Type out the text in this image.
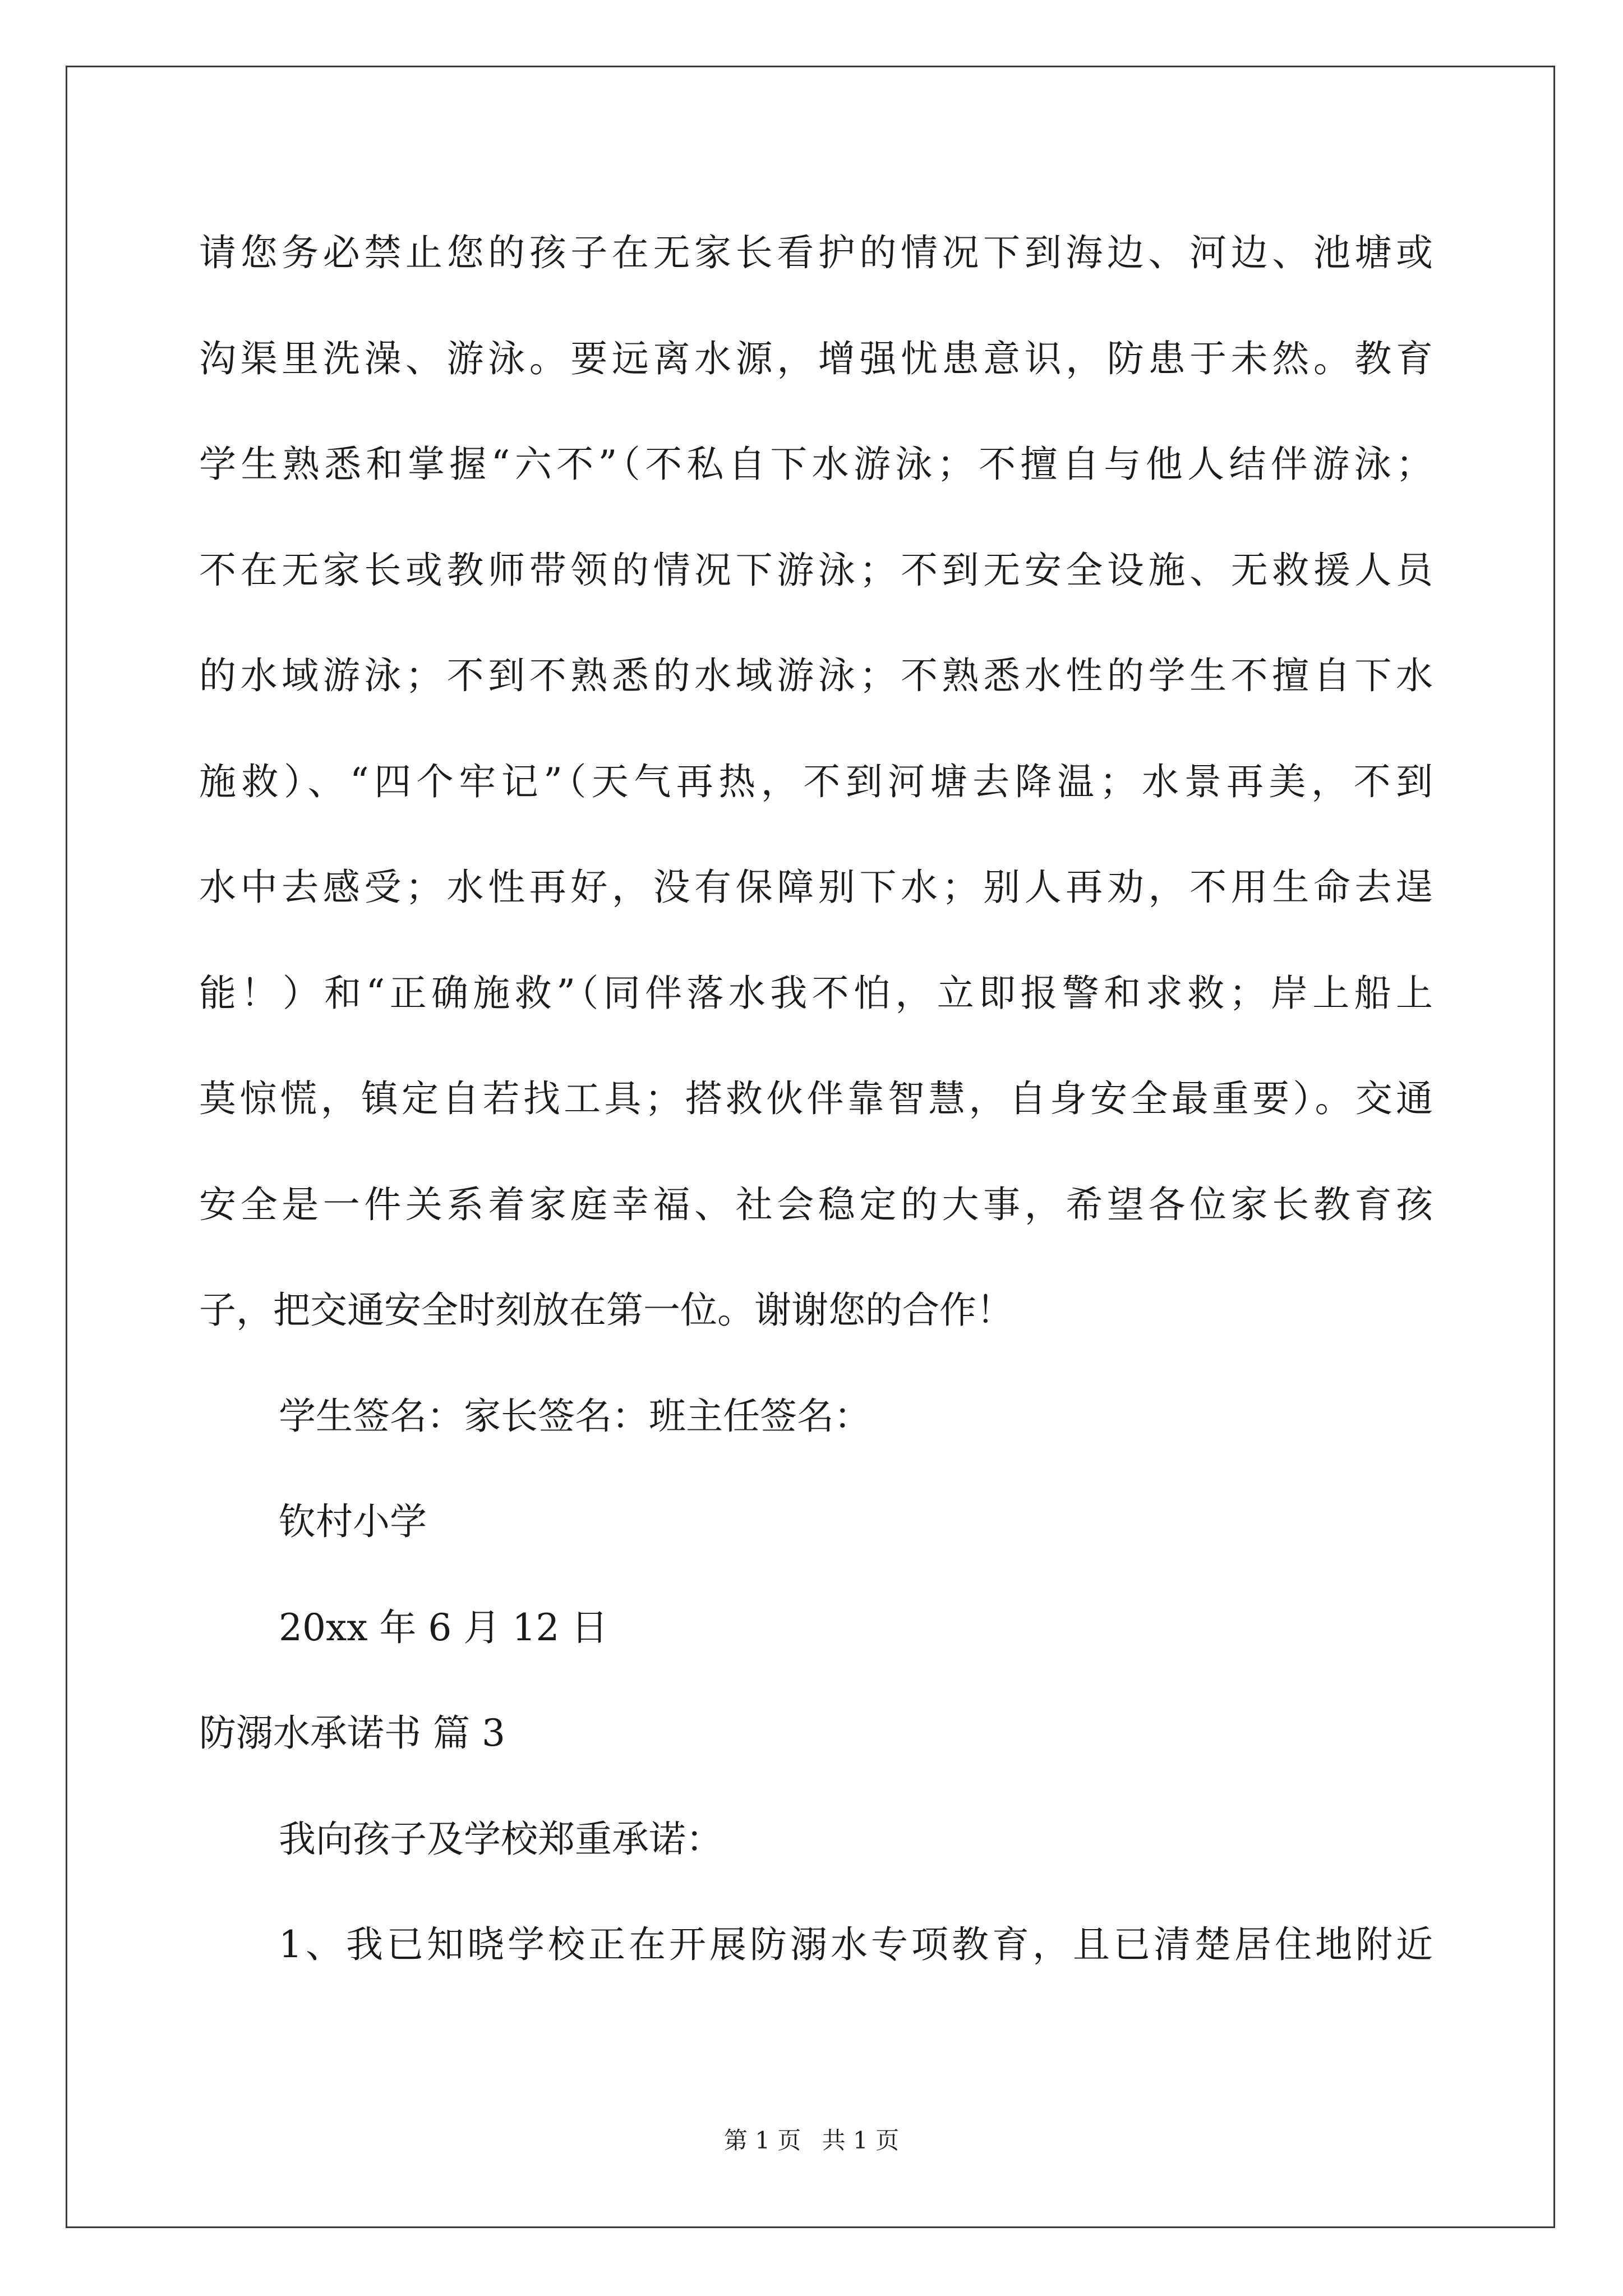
请您务必禁止您的孩子在无家长看护的情况下到海边、河边、池塘或
沟渠里洗澡、游泳。要远离水源，增强忧患意识，防患于未然。教育
学生熟悉和掌握“六不”（不私自下水游泳；不擅自与他人结伴游泳；
不在无家长或教师带领的情况下游泳；不到无安全设施、无救援人员
的水域游泳；不到不熟悉的水域游泳；不熟悉水性的学生不擅自下水
施救）、“四个牢记”（天气再热，不到河塘去降温；水景再美，不到
水中去感受；水性再好，没有保障别下水；别人再劝，不用生命去逞
能！）和“正确施救”（同伴落水我不怕，立即报警和求救；岸上船上
莫惊慌，镇定自若找工具；搭救伙伴靠智慧，自身安全最重要）。交通
安全是一件关系着家庭幸福、社会稳定的大事，希望各位家长教育孩
子，把交通安全时刻放在第一位。谢谢您的合作！
学生签名：家长签名：班主任签名：
钦村小学
20xx 年 6 月 12 日
防溺水承诺书 篇 3
我向孩子及学校郑重承诺：
1、我已知晓学校正在开展防溺水专项教育，且已清楚居住地附近
第 1 页 共 1 页
